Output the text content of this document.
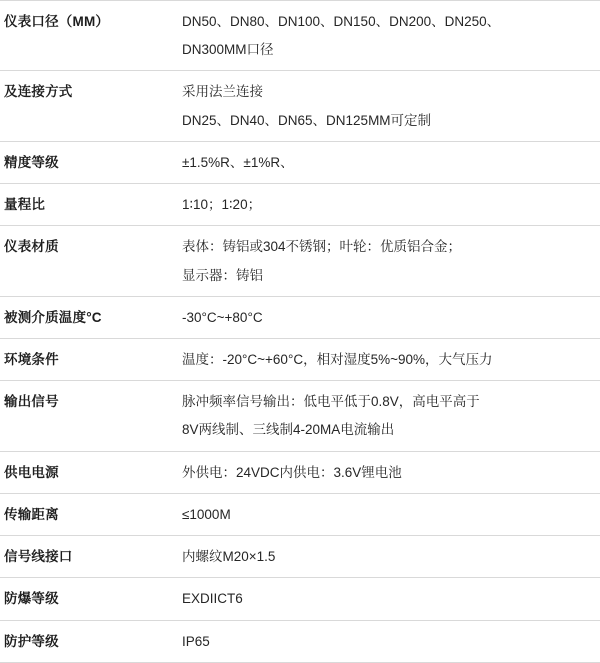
仪表口径（MM）	DN50、DN80、DN100、DN150、DN200、DN250、
DN300MM口径

及连接方式	采用法兰连接
DN25、DN40、DN65、DN125MM可定制

精度等级	±1.5%R、±1%R、

量程比	1∶10；1∶20；

仪表材质	表体：铸铝或304不锈钢；叶轮：优质铝合金；
显示器：铸铝

被测介质温度°C	-30°C~+80°C

环境条件	温度：-20°C~+60°C，相对湿度5%~90%，大气压力

输出信号	脉冲频率信号输出：低电平低于0.8V，高电平高于
8V两线制、三线制4-20MA电流输出

供电电源	外供电：24VDC内供电：3.6V锂电池

传输距离	≤1000M

信号线接口	内螺纹M20×1.5

防爆等级	EXDIICT6

防护等级	IP65
